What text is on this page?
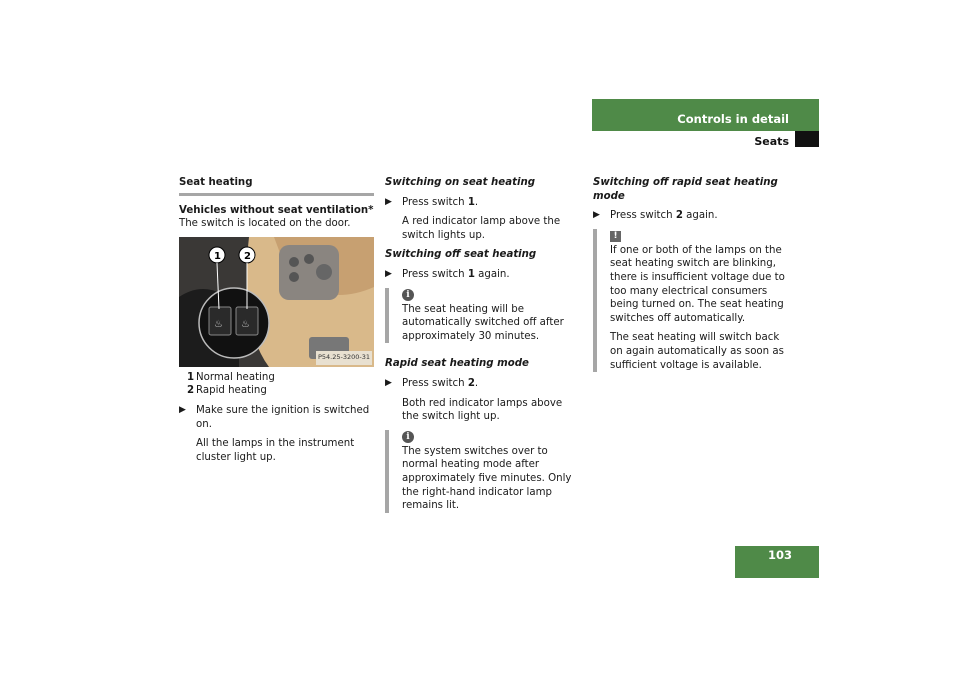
Controls in detail
Seats
103
Seat heating

Vehicles without seat ventilation*

The switch is located on the door.

♨ ♨
1 2
P54.25-3200-31
1 Normal heating
2 Rapid heating
▶ Make sure the ignition is switched on.
All the lamps in the instrument cluster light up.

Switching on seat heating

▶ Press switch 1.
A red indicator lamp above the switch lights up.

Switching off seat heating

▶ Press switch 1 again.
i
The seat heating will be automatically switched off after approximately 30 minutes.

Rapid seat heating mode

▶ Press switch 2.
Both red indicator lamps above the switch light up.
i
The system switches over to normal heating mode after approximately five minutes. Only the right-hand indicator lamp remains lit.

Switching off rapid seat heating mode

▶ Press switch 2 again.
!

If one or both of the lamps on the seat heating switch are blinking, there is insufficient voltage due to too many electrical consumers being turned on. The seat heating switches off automatically.

The seat heating will switch back on again automatically as soon as sufficient voltage is available.
